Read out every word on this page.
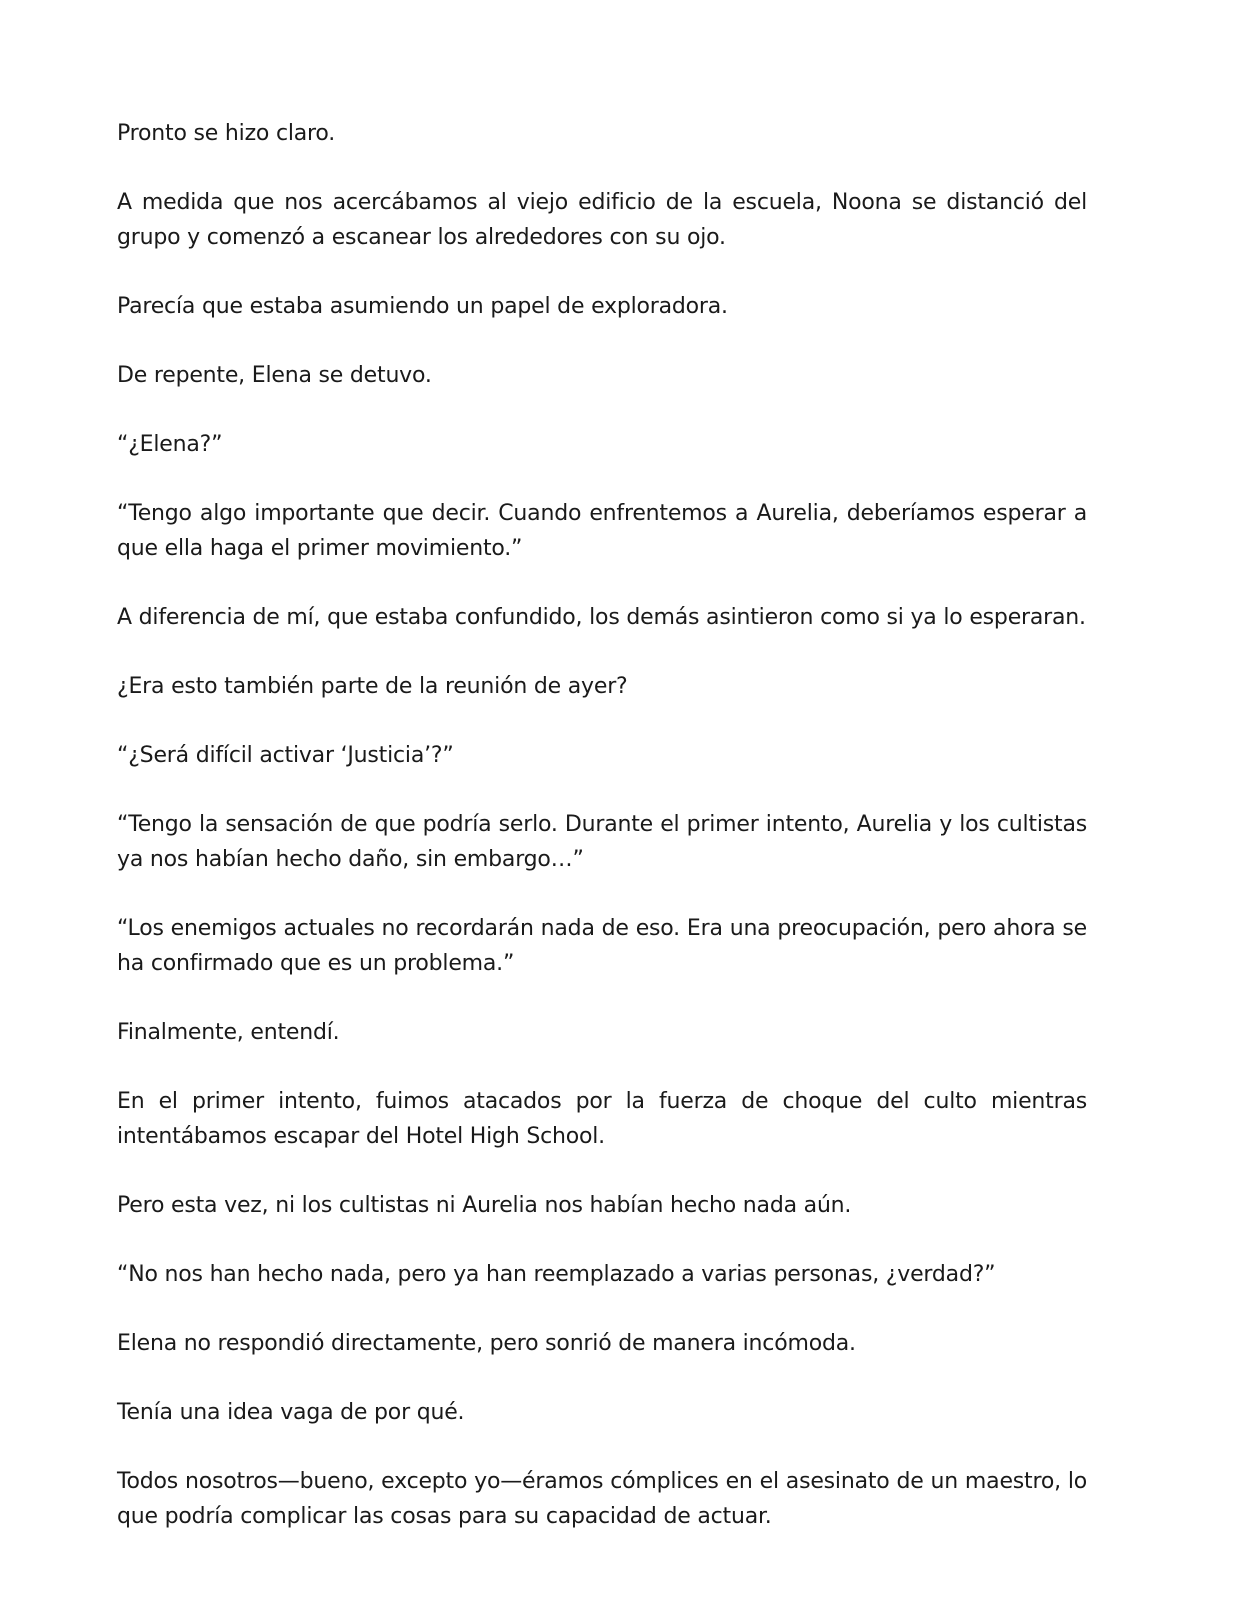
Pronto se hizo claro.

A medida que nos acercábamos al viejo edificio de la escuela, Noona se distanció del grupo y comenzó a escanear los alrededores con su ojo.

Parecía que estaba asumiendo un papel de exploradora.

De repente, Elena se detuvo.

“¿Elena?”

“Tengo algo importante que decir. Cuando enfrentemos a Aurelia, deberíamos esperar a que ella haga el primer movimiento.”

A diferencia de mí, que estaba confundido, los demás asintieron como si ya lo esperaran.

¿Era esto también parte de la reunión de ayer?

“¿Será difícil activar ‘Justicia’?”

“Tengo la sensación de que podría serlo. Durante el primer intento, Aurelia y los cultistas ya nos habían hecho daño, sin embargo…”

“Los enemigos actuales no recordarán nada de eso. Era una preocupación, pero ahora se ha confirmado que es un problema.”

Finalmente, entendí.

En el primer intento, fuimos atacados por la fuerza de choque del culto mientras intentábamos escapar del Hotel High School.

Pero esta vez, ni los cultistas ni Aurelia nos habían hecho nada aún.

“No nos han hecho nada, pero ya han reemplazado a varias personas, ¿verdad?”

Elena no respondió directamente, pero sonrió de manera incómoda.

Tenía una idea vaga de por qué.

Todos nosotros—bueno, excepto yo—éramos cómplices en el asesinato de un maestro, lo que podría complicar las cosas para su capacidad de actuar.
